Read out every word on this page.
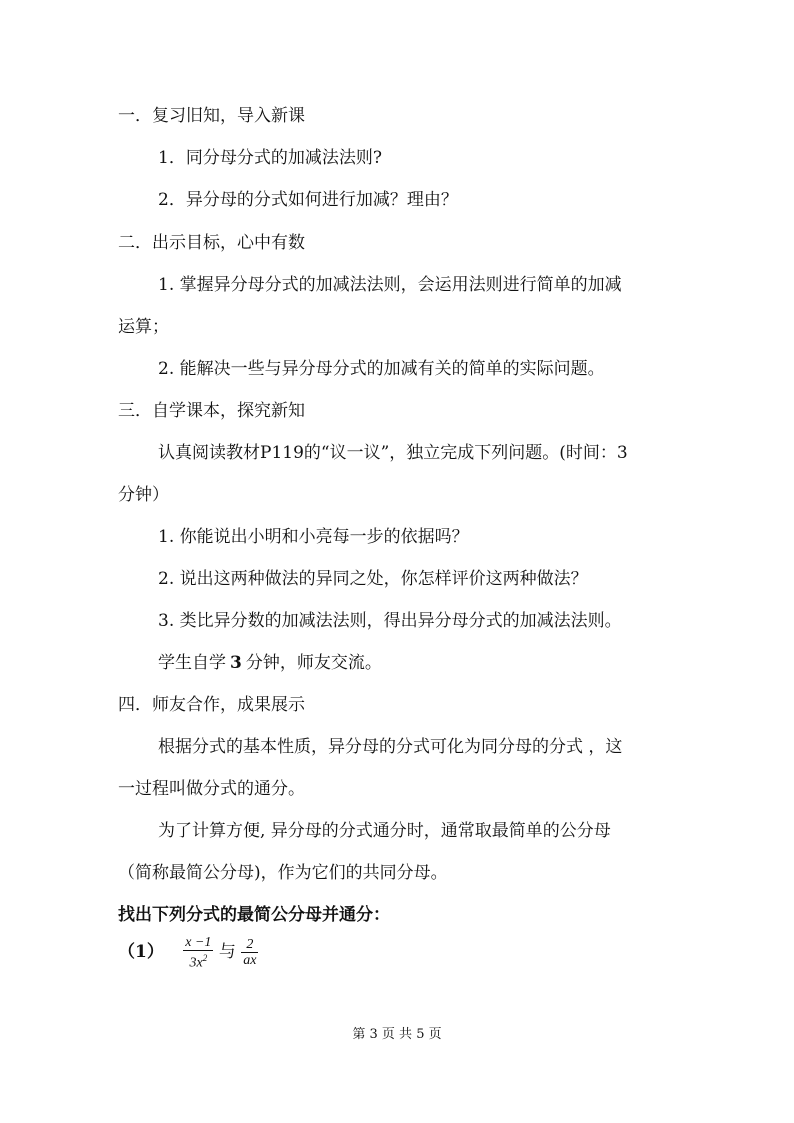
一．复习旧知，导入新课
1．同分母分式的加减法法则?
2．异分母的分式如何进行加减？理由？
二．出示目标，心中有数
1. 掌握异分母分式的加减法法则，会运用法则进行简单的加减
运算；
2. 能解决一些与异分母分式的加减有关的简单的实际问题。
三．自学课本，探究新知
认真阅读教材P119的“议一议”，独立完成下列问题。(时间：3
分钟）
1. 你能说出小明和小亮每一步的依据吗？
2. 说出这两种做法的异同之处，你怎样评价这两种做法？
3. 类比异分数的加减法法则，得出异分母分式的加减法法则。
学生自学 3 分钟，师友交流。
四．师友合作，成果展示
根据分式的基本性质，异分母的分式可化为同分母的分式 ，这
一过程叫做分式的通分。
为了计算方便, 异分母的分式通分时，通常取最简单的公分母
（简称最简公分母)，作为它们的共同分母。
找出下列分式的最简公分母并通分：
$(1) \frac{x -1}{3x^2}$ 与 $\frac{2}{ax}$
第 3 页 共 5 页
